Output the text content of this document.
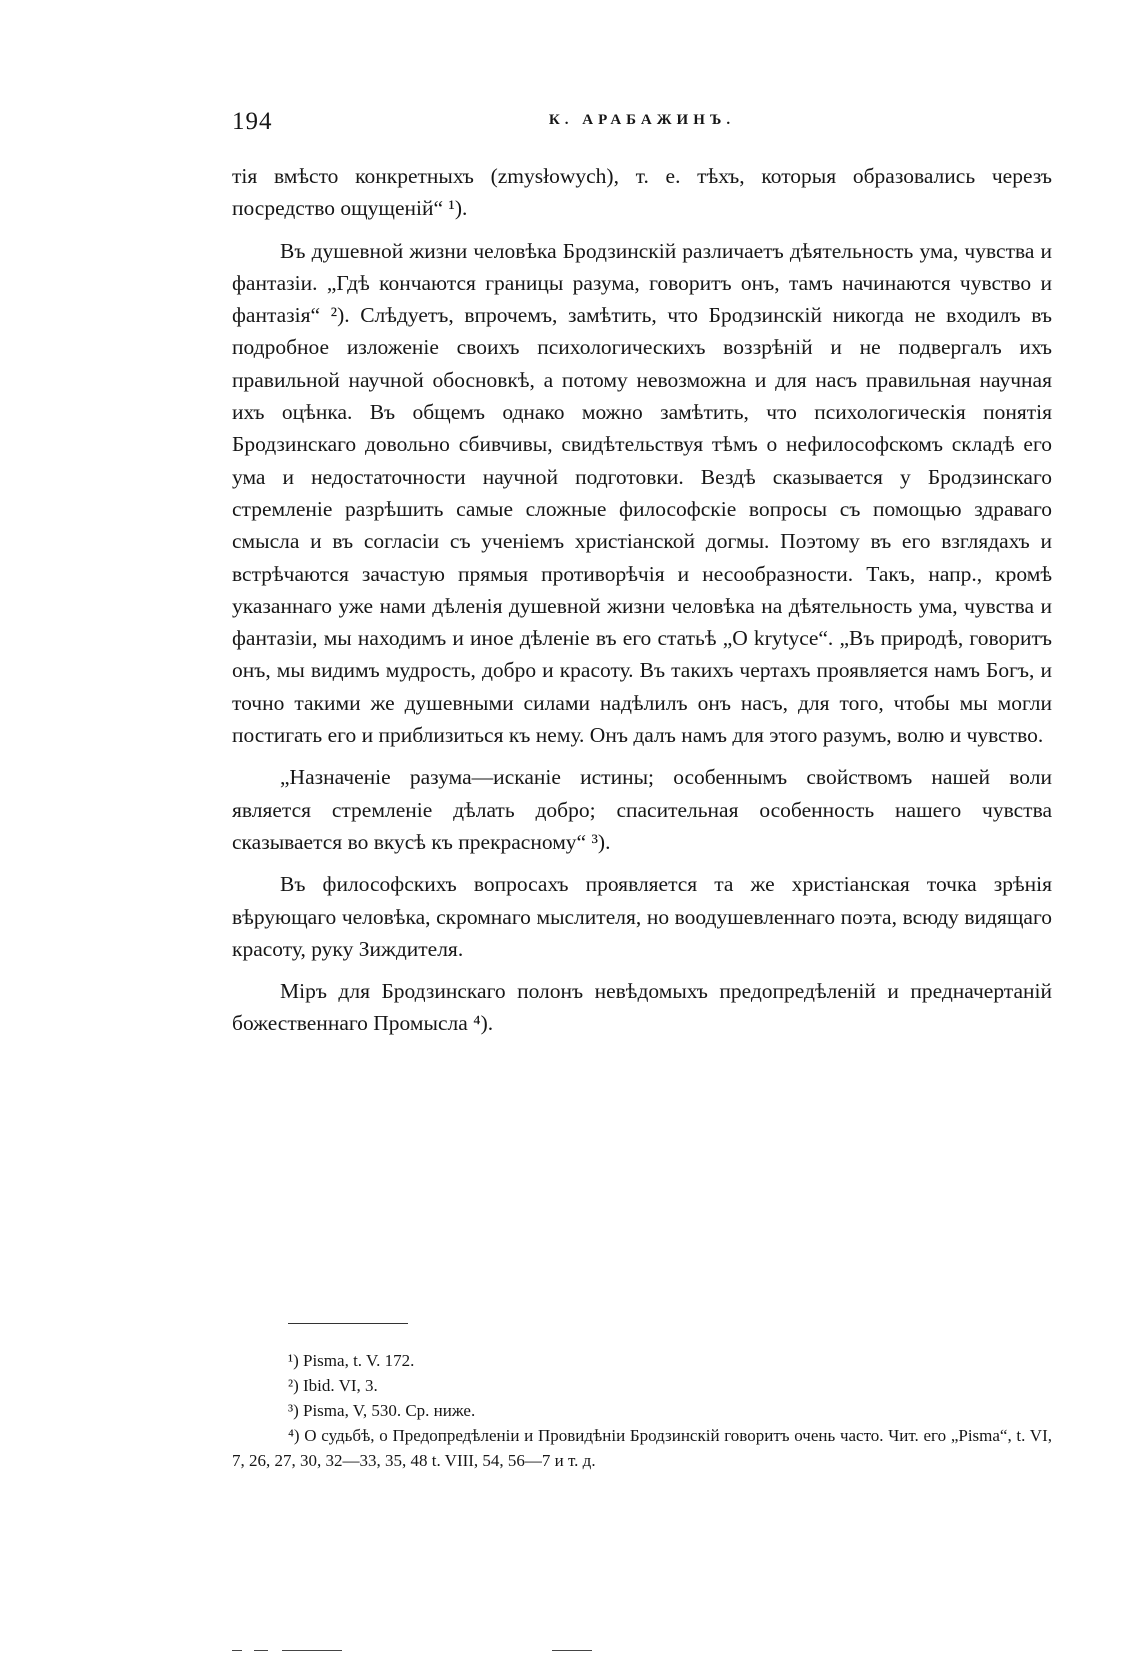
194	К. АРАБАЖИНЪ.

тія вмѣсто конкретныхъ (zmysłowych), т. е. тѣхъ, которыя образовались черезъ посредство ощущеній“ ¹).

Въ душевной жизни человѣка Бродзинскій различаетъ дѣятельность ума, чувства и фантазіи. „Гдѣ кончаются границы разума, говоритъ онъ, тамъ начинаются чувство и фантазія“ ²). Слѣдуетъ, впрочемъ, замѣтить, что Бродзинскій никогда не входилъ въ подробное изложеніе своихъ психологическихъ воззрѣній и не подвергалъ ихъ правильной научной обосновкѣ, а потому невозможна и для насъ правильная научная ихъ оцѣнка. Въ общемъ однако можно замѣтить, что психологическія понятія Бродзинскаго довольно сбивчивы, свидѣтельствуя тѣмъ о нефилософскомъ складѣ его ума и недостаточности научной подготовки. Вездѣ сказывается у Бродзинскаго стремленіе разрѣшить самые сложные философскіе вопросы съ помощью здраваго смысла и въ согласіи съ ученіемъ христіанской догмы. Поэтому въ его взглядахъ и встрѣчаются зачастую прямыя противорѣчія и несообразности. Такъ, напр., кромѣ указаннаго уже нами дѣленія душевной жизни человѣка на дѣятельность ума, чувства и фантазіи, мы находимъ и иное дѣленіе въ его статьѣ „O krytyce“. „Въ природѣ, говоритъ онъ, мы видимъ мудрость, добро и красоту. Въ такихъ чертахъ проявляется намъ Богъ, и точно такими же душевными силами надѣлилъ онъ насъ, для того, чтобы мы могли постигать его и приблизиться къ нему. Онъ далъ намъ для этого разумъ, волю и чувство.

„Назначеніе разума—исканіе истины; особеннымъ свойствомъ нашей воли является стремленіе дѣлать добро; спасительная особенность нашего чувства сказывается во вкусѣ къ прекрасному“ ³).

Въ философскихъ вопросахъ проявляется та же христіанская точка зрѣнія вѣрующаго человѣка, скромнаго мыслителя, но воодушевленнаго поэта, всюду видящаго красоту, руку Зиждителя.

Міръ для Бродзинскаго полонъ невѣдомыхъ предопредѣленій и предначертаній божественнаго Промысла ⁴).

¹) Pisma, t. V. 172.

²) Ibid. VI, 3.

³) Pisma, V, 530. Ср. ниже.

⁴) О судьбѣ, о Предопредѣленіи и Провидѣніи Бродзинскій говоритъ очень часто. Чит. его „Pisma“, t. VI, 7, 26, 27, 30, 32—33, 35, 48 t. VIII, 54, 56—7 и т. д.
